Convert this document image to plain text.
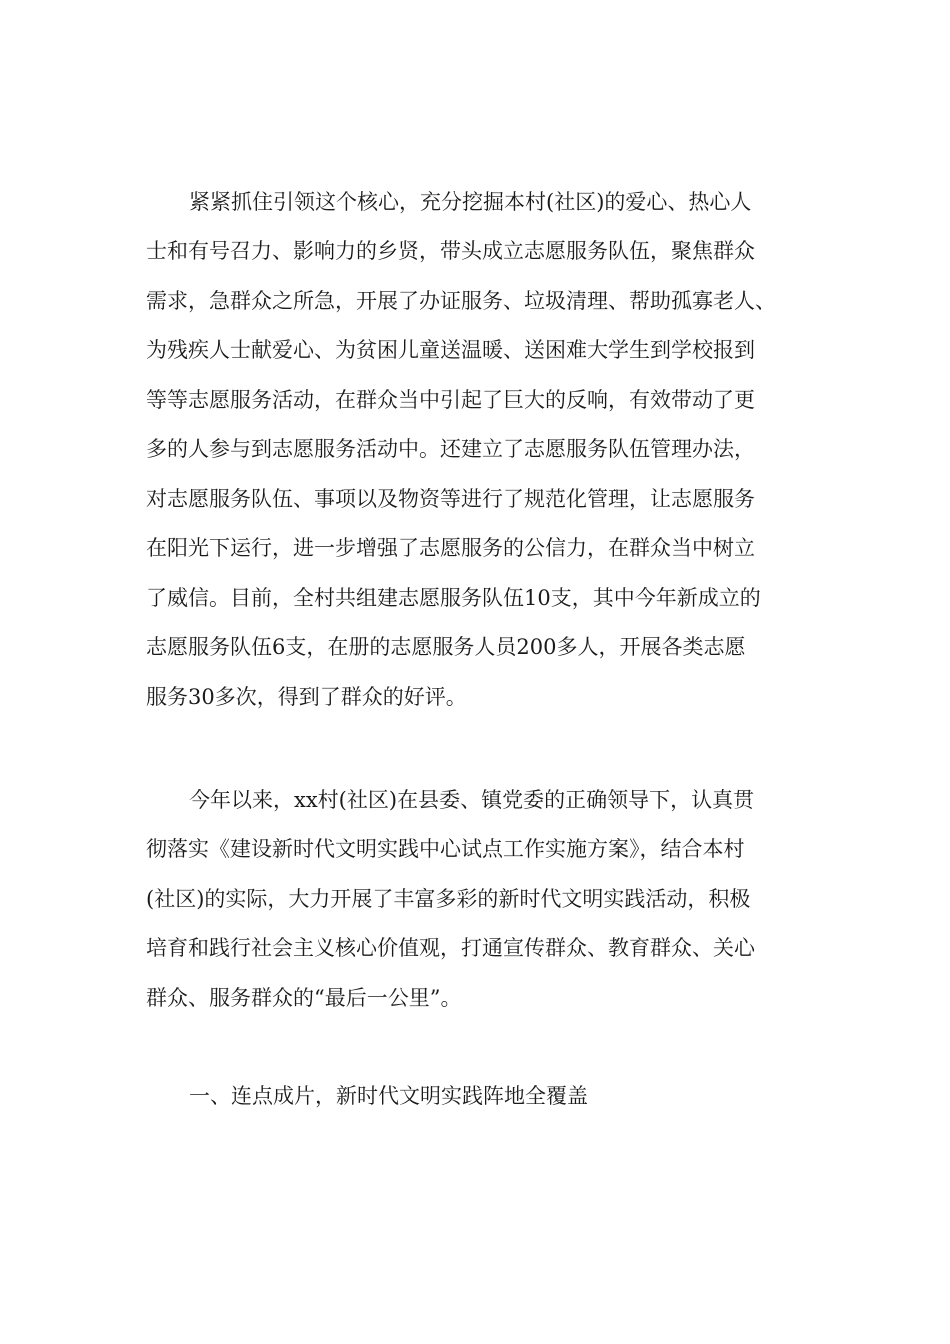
紧紧抓住引领这个核心，充分挖掘本村(社区)的爱心、热心人
士和有号召力、影响力的乡贤，带头成立志愿服务队伍，聚焦群众
需求，急群众之所急，开展了办证服务、垃圾清理、帮助孤寡老人、
为残疾人士献爱心、为贫困儿童送温暖、送困难大学生到学校报到
等等志愿服务活动，在群众当中引起了巨大的反响，有效带动了更
多的人参与到志愿服务活动中。还建立了志愿服务队伍管理办法，
对志愿服务队伍、事项以及物资等进行了规范化管理，让志愿服务
在阳光下运行，进一步增强了志愿服务的公信力，在群众当中树立
了威信。目前，全村共组建志愿服务队伍10支，其中今年新成立的
志愿服务队伍6支，在册的志愿服务人员200多人，开展各类志愿
服务30多次，得到了群众的好评。
今年以来，xx村(社区)在县委、镇党委的正确领导下，认真贯
彻落实《建设新时代文明实践中心试点工作实施方案》，结合本村
(社区)的实际，大力开展了丰富多彩的新时代文明实践活动，积极
培育和践行社会主义核心价值观，打通宣传群众、教育群众、关心
群众、服务群众的“最后一公里”。
一、连点成片，新时代文明实践阵地全覆盖
